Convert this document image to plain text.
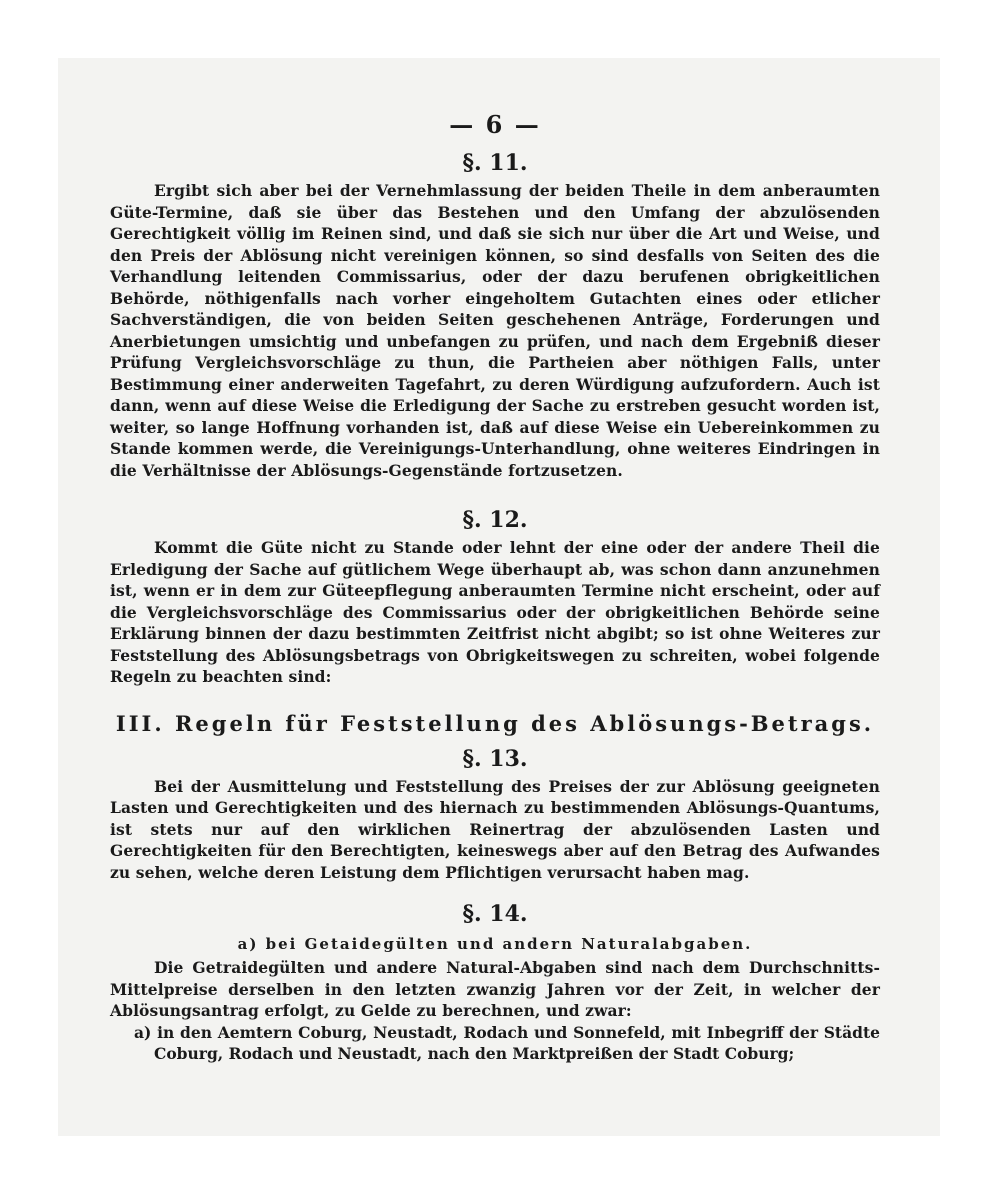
— 6 —
§. 11.

Ergibt sich aber bei der Vernehmlassung der beiden Theile in dem anberaumten Güte-Termine, daß sie über das Bestehen und den Umfang der abzulösenden Gerechtigkeit völlig im Reinen sind, und daß sie sich nur über die Art und Weise, und den Preis der Ablösung nicht vereinigen können, so sind desfalls von Seiten des die Verhandlung leitenden Commissarius, oder der dazu berufenen obrigkeitlichen Behörde, nöthigenfalls nach vorher eingeholtem Gutachten eines oder etlicher Sachverständigen, die von beiden Seiten geschehenen Anträge, Forderungen und Anerbietungen umsichtig und unbefangen zu prüfen, und nach dem Ergebniß dieser Prüfung Vergleichsvorschläge zu thun, die Partheien aber nöthigen Falls, unter Bestimmung einer anderweiten Tagefahrt, zu deren Würdigung aufzufordern. Auch ist dann, wenn auf diese Weise die Erledigung der Sache zu erstreben gesucht worden ist, weiter, so lange Hoffnung vorhanden ist, daß auf diese Weise ein Uebereinkommen zu Stande kommen werde, die Vereinigungs-Unterhandlung, ohne weiteres Eindringen in die Verhältnisse der Ablösungs-Gegenstände fortzusetzen.

§. 12.

Kommt die Güte nicht zu Stande oder lehnt der eine oder der andere Theil die Erledigung der Sache auf gütlichem Wege überhaupt ab, was schon dann anzunehmen ist, wenn er in dem zur Güteepflegung anberaumten Termine nicht erscheint, oder auf die Vergleichsvorschläge des Commissarius oder der obrigkeitlichen Behörde seine Erklärung binnen der dazu bestimmten Zeitfrist nicht abgibt; so ist ohne Weiteres zur Feststellung des Ablösungsbetrags von Obrigkeitswegen zu schreiten, wobei folgende Regeln zu beachten sind:

III. Regeln für Feststellung des Ablösungs-Betrags.
§. 13.

Bei der Ausmittelung und Feststellung des Preises der zur Ablösung geeigneten Lasten und Gerechtigkeiten und des hiernach zu bestimmenden Ablösungs-Quantums, ist stets nur auf den wirklichen Reinertrag der abzulösenden Lasten und Gerechtigkeiten für den Berechtigten, keineswegs aber auf den Betrag des Aufwandes zu sehen, welche deren Leistung dem Pflichtigen verursacht haben mag.

§. 14.
a) bei Getaidegülten und andern Naturalabgaben.

Die Getraidegülten und andere Natural-Abgaben sind nach dem Durchschnitts-Mittelpreise derselben in den letzten zwanzig Jahren vor der Zeit, in welcher der Ablösungsantrag erfolgt, zu Gelde zu berechnen, und zwar:

a) in den Aemtern Coburg, Neustadt, Rodach und Sonnefeld, mit Inbegriff der Städte Coburg, Rodach und Neustadt, nach den Marktpreißen der Stadt Coburg;
